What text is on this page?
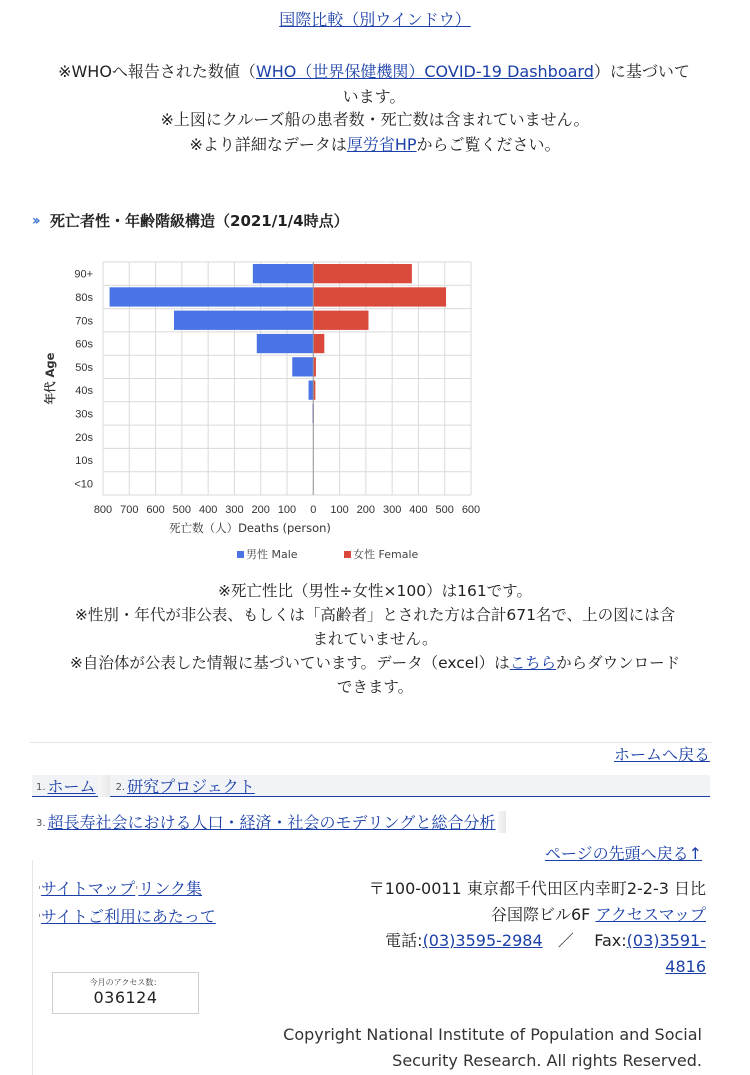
国際比較（別ウインドウ）
※WHOへ報告された数値（WHO（世界保健機関）COVID-19 Dashboard）に基づいて
います。
※上図にクルーズ船の患者数・死亡数は含まれていません。
※より詳細なデータは厚労省HPからご覧ください。
›› 死亡者性・年齢階級構造（2021/1/4時点）
90+
80s
70s
60s
50s
40s
30s
20s
10s
<10
800 700 600 500 400 300 200 100 0 100 200 300 400 500 600
死亡数（人）Deaths (person)
年代 Age
男性 Male	女性 Female
※死亡性比（男性÷女性×100）は161です。
※性別・年代が非公表、もしくは「高齢者」とされた方は合計671名で、上の図には含
まれていません。
※自治体が公表した情報に基づいています。データ（excel）はこちらからダウンロード
できます。
ホームへ戻る
1. ホーム 2. 研究プロジェクト
3. 超長寿社会における人口・経済・社会のモデリングと総合分析
ページの先頭へ戻る↑
'サイトマップ'リンク集
'サイトご利用にあたって
〒100-0011 東京都千代田区内幸町2-2-3 日比
谷国際ビル6F アクセスマップ
電話:(03)3595-2984 ／ Fax:(03)3591-
4816
今月のアクセス数：
036124
Copyright National Institute of Population and Social
Security Research. All rights Reserved.
